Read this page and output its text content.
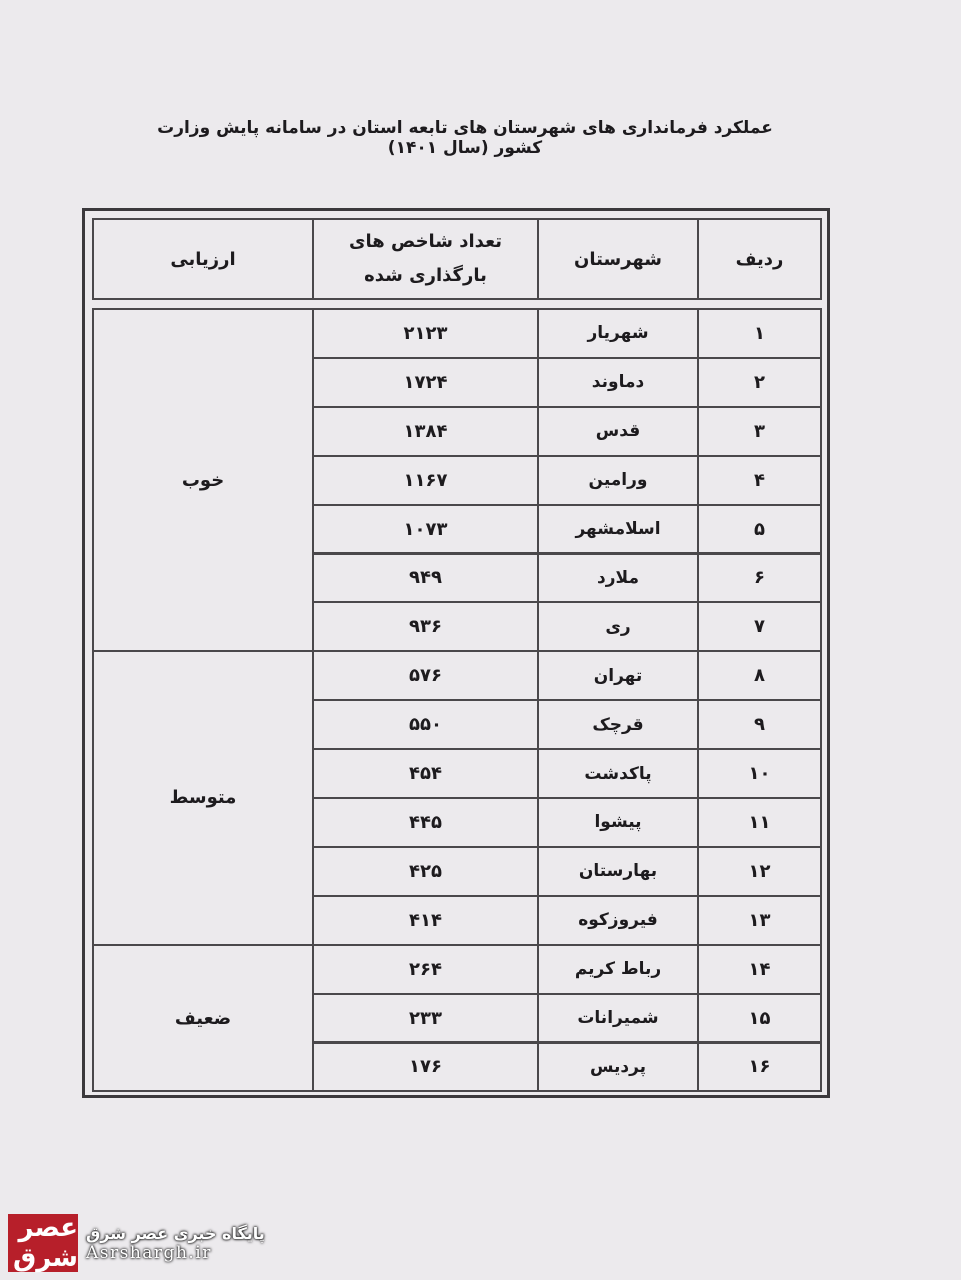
عملکرد فرمانداری های شهرستان های تابعه استان در سامانه پایش وزارت کشور (سال ۱۴۰۱)
ردیف
شهرستان
تعداد شاخص های
بارگذاری شده
ارزیابی
۱
شهریار
۲۱۲۳
۲
دماوند
۱۷۲۴
۳
قدس
۱۳۸۴
۴
ورامین
۱۱۶۷
۵
اسلامشهر
۱۰۷۳
۶
ملارد
۹۴۹
۷
ری
۹۳۶
۸
تهران
۵۷۶
۹
قرچک
۵۵۰
۱۰
پاکدشت
۴۵۴
۱۱
پیشوا
۴۴۵
۱۲
بهارستان
۴۲۵
۱۳
فیروزکوه
۴۱۴
۱۴
رباط کریم
۲۶۴
۱۵
شمیرانات
۲۳۳
۱۶
پردیس
۱۷۶
خوب
متوسط
ضعیف
عصر شرق
پایگاه خبری عصر شرق
Asrshargh.ir
